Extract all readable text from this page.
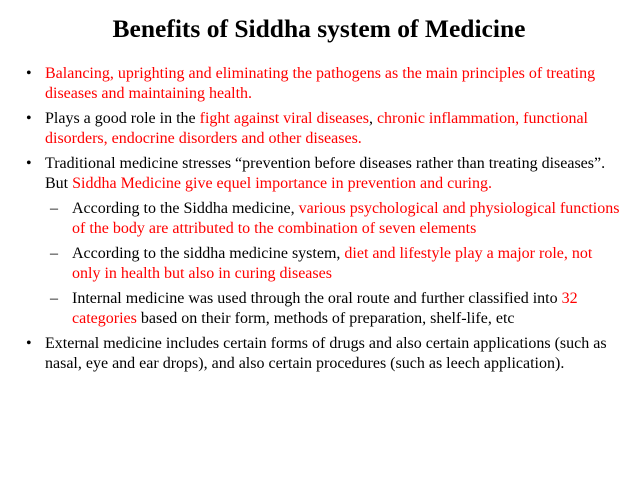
Benefits of Siddha system of Medicine
• Balancing, uprighting and eliminating the pathogens as the main principles of treating diseases and maintaining health.
• Plays a good role in the fight against viral diseases, chronic inflammation, functional disorders, endocrine disorders and other diseases.
• Traditional medicine stresses “prevention before diseases rather than treating diseases”. But Siddha Medicine give equel importance in prevention and curing.
– According to the Siddha medicine, various psychological and physiological functions of the body are attributed to the combination of seven elements
– According to the siddha medicine system, diet and lifestyle play a major role, not only in health but also in curing diseases
– Internal medicine was used through the oral route and further classified into 32 categories based on their form, methods of preparation, shelf-life, etc
• External medicine includes certain forms of drugs and also certain applications (such as nasal, eye and ear drops), and also certain procedures (such as leech application).
